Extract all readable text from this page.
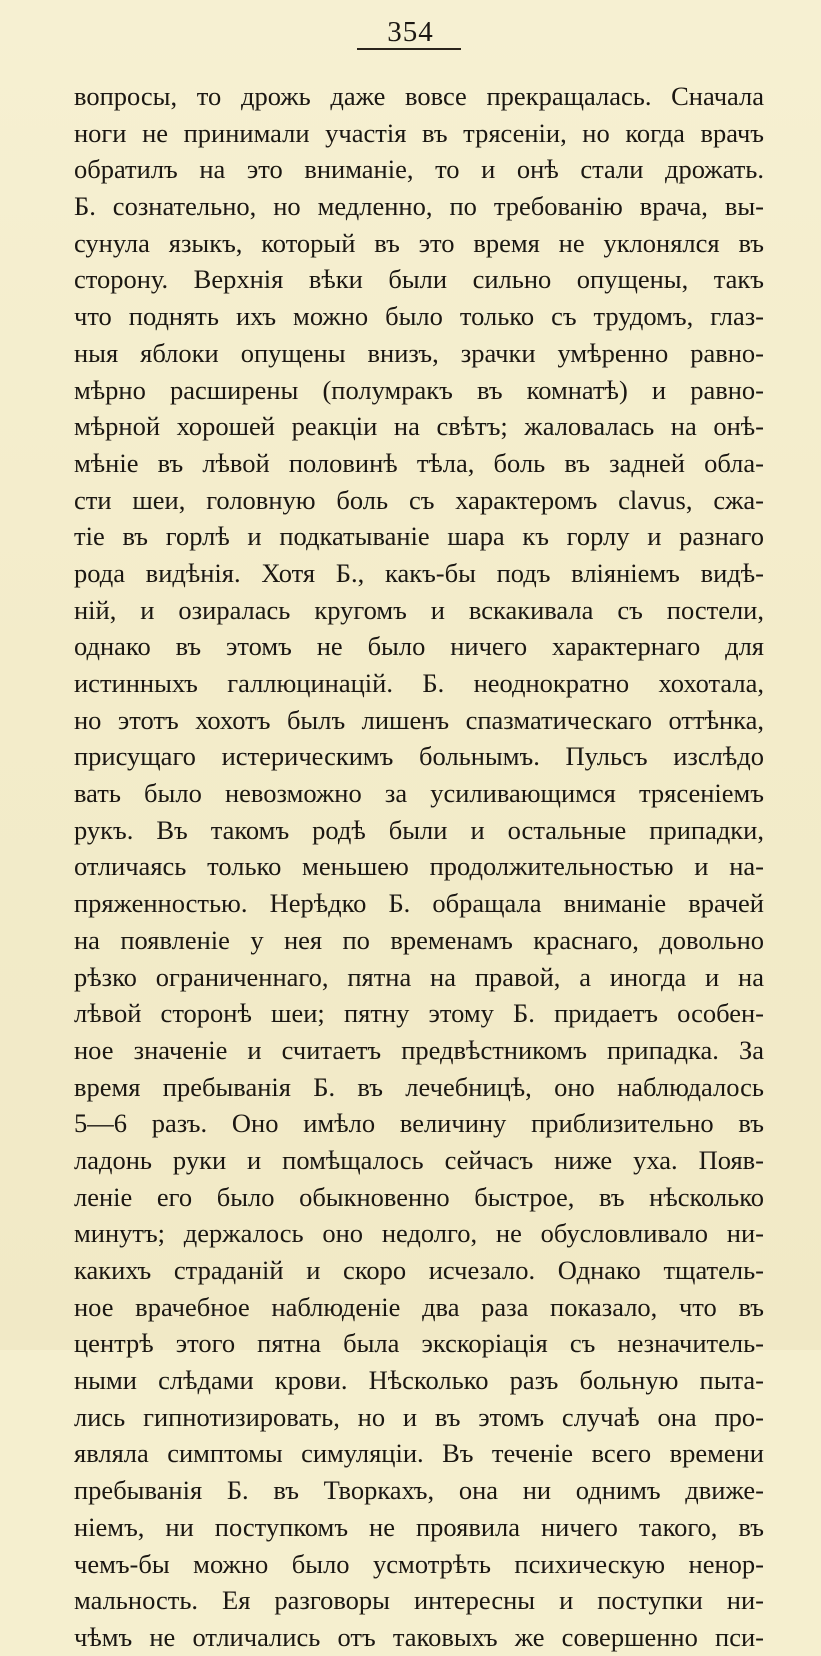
354
вопросы, то дрожь даже вовсе прекращалась. Сначала
ноги не принимали участія въ трясеніи, но когда врачъ
обратилъ на это вниманіе, то и онѣ стали дрожать.
Б. сознательно, но медленно, по требованію врача, вы-
сунула языкъ, который въ это время не уклонялся въ
сторону. Верхнія вѣки были сильно опущены, такъ
что поднять ихъ можно было только съ трудомъ, глаз-
ныя яблоки опущены внизъ, зрачки умѣренно равно-
мѣрно расширены (полумракъ въ комнатѣ) и равно-
мѣрной хорошей реакціи на свѣтъ; жаловалась на онѣ-
мѣніе въ лѣвой половинѣ тѣла, боль въ задней обла-
сти шеи, головную боль съ характеромъ clavus, сжа-
тіе въ горлѣ и подкатываніе шара къ горлу и разнаго
рода видѣнія. Хотя Б., какъ-бы подъ вліяніемъ видѣ-
ній, и озиралась кругомъ и вскакивала съ постели,
однако въ этомъ не было ничего характернаго для
истинныхъ галлюцинацій. Б. неоднократно хохотала,
но этотъ хохотъ былъ лишенъ спазматическаго оттѣнка,
присущаго истерическимъ больнымъ. Пульсъ изслѣдо
вать было невозможно за усиливающимся трясеніемъ
рукъ. Въ такомъ родѣ были и остальные припадки,
отличаясь только меньшею продолжительностью и на-
пряженностью. Нерѣдко Б. обращала вниманіе врачей
на появленіе у нея по временамъ краснаго, довольно
рѣзко ограниченнаго, пятна на правой, а иногда и на
лѣвой сторонѣ шеи; пятну этому Б. придаетъ особен-
ное значеніе и считаетъ предвѣстникомъ припадка. За
время пребыванія Б. въ лечебницѣ, оно наблюдалось
5—6 разъ. Оно имѣло величину приблизительно въ
ладонь руки и помѣщалось сейчасъ ниже уха. Появ-
леніе его было обыкновенно быстрое, въ нѣсколько
минутъ; держалось оно недолго, не обусловливало ни-
какихъ страданій и скоро исчезало. Однако тщатель-
ное врачебное наблюденіе два раза показало, что въ
центрѣ этого пятна была экскоріація съ незначитель-
ными слѣдами крови. Нѣсколько разъ больную пыта-
лись гипнотизировать, но и въ этомъ случаѣ она про-
являла симптомы симуляціи. Въ теченіе всего времени
пребыванія Б. въ Творкахъ, она ни однимъ движе-
ніемъ, ни поступкомъ не проявила ничего такого, въ
чемъ-бы можно было усмотрѣть психическую ненор-
мальность. Ея разговоры интересны и поступки ни-
чѣмъ не отличались отъ таковыхъ же совершенно пси-
